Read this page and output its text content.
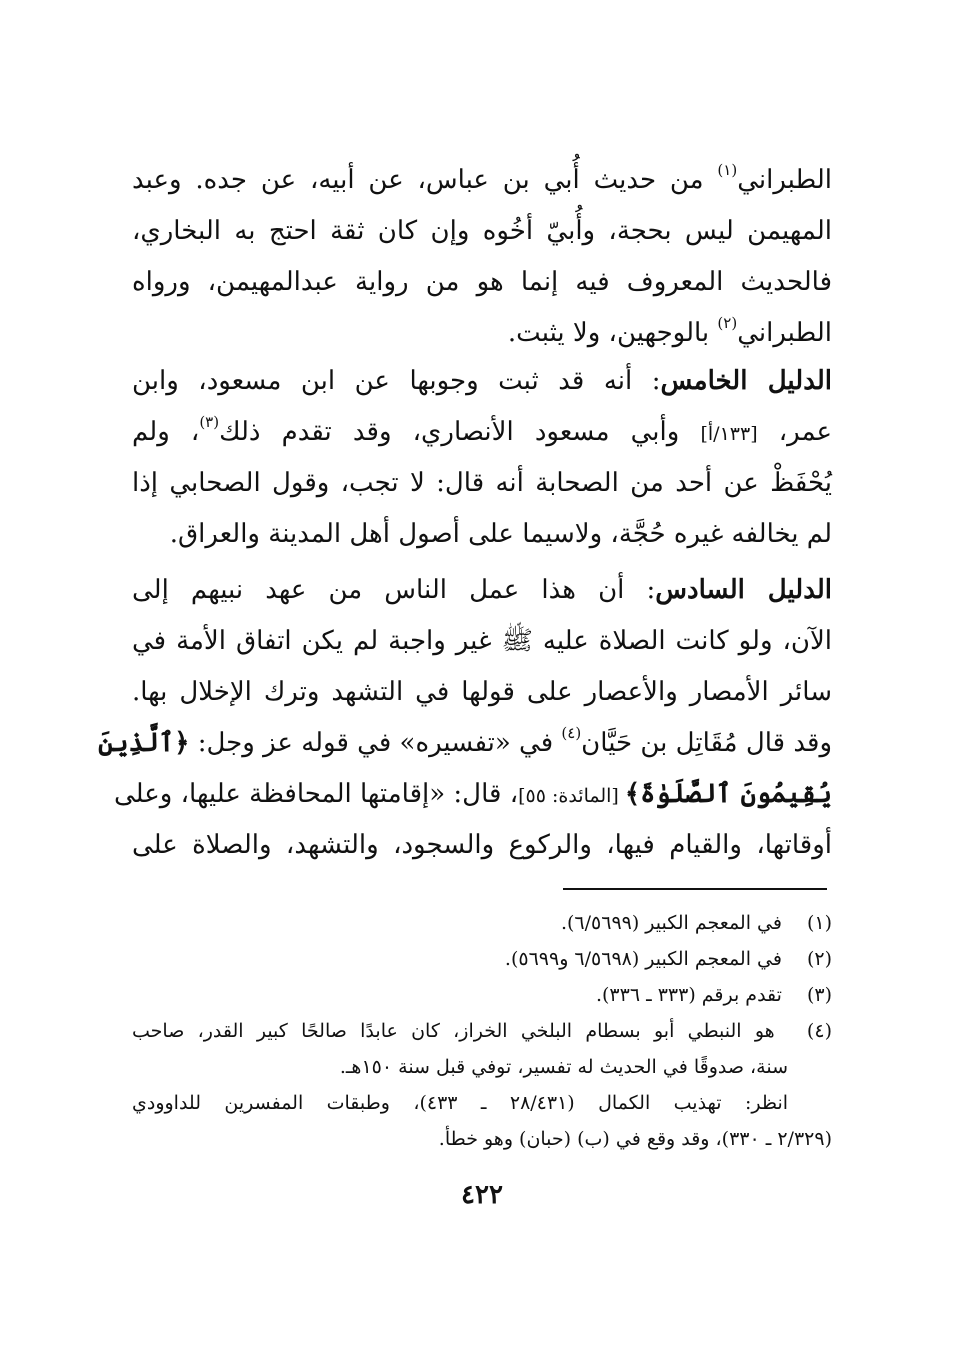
الطبراني$^{(١)}$ من حديث أُبي بن عباس، عن أبيه، عن جده. وعبد
المهيمن ليس بحجة، وأُبيّ أخُوه وإن كان ثقة احتج به البخاري،
فالحديث المعروف فيه إنما هو من رواية عبدالمهيمن، ورواه
الطبراني$^{(٢)}$ بالوجهين، ولا يثبت.
الدليل الخامس: أنه قد ثبت وجوبها عن ابن مسعود، وابن
عمر، [١٣٣/أ] وأبي مسعود الأنصاري، وقد تقدم ذلك$^{(٣)}$، ولم
يُحْفَظْ عن أحد من الصحابة أنه قال: لا تجب، وقول الصحابي إذا
لم يخالفه غيره حُجَّة، ولاسيما على أصول أهل المدينة والعراق.
الدليل السادس: أن هذا عمل الناس من عهد نبيهم إلى
الآن، ولو كانت الصلاة عليه ﷺ غير واجبة لم يكن اتفاق الأمة في
سائر الأمصار والأعصار على قولها في التشهد وترك الإخلال بها.
وقد قال مُقَاتِل بن حَيَّان$^{(٤)}$ في «تفسيره» في قوله عز وجل: ﴿ٱلَّذِينَ
يُقِيمُونَ ٱلصَّلَوٰةَ﴾ [المائدة: ٥٥]، قال: «إقامتها المحافظة عليها، وعلى
أوقاتها، والقيام فيها، والركوع والسجود، والتشهد، والصلاة على
(١) في المعجم الكبير (٦/٥٦٩٩).
(٢) في المعجم الكبير (٦/٥٦٩٨ و٥٦٩٩).
(٣) تقدم برقم (٣٣٣ ـ ٣٣٦).
(٤) هو النبطي أبو بسطام البلخي الخراز، كان عابدًا صالحًا كبير القدر، صاحب
سنة، صدوقًا في الحديث له تفسير، توفي قبل سنة ١٥٠هـ.
انظر: تهذيب الكمال (٢٨/٤٣١ ـ ٤٣٣)، وطبقات المفسرين للداوودي
(٢/٣٢٩ ـ ٣٣٠)، وقد وقع في (ب) (حبان) وهو خطأ.
٤٢٢
